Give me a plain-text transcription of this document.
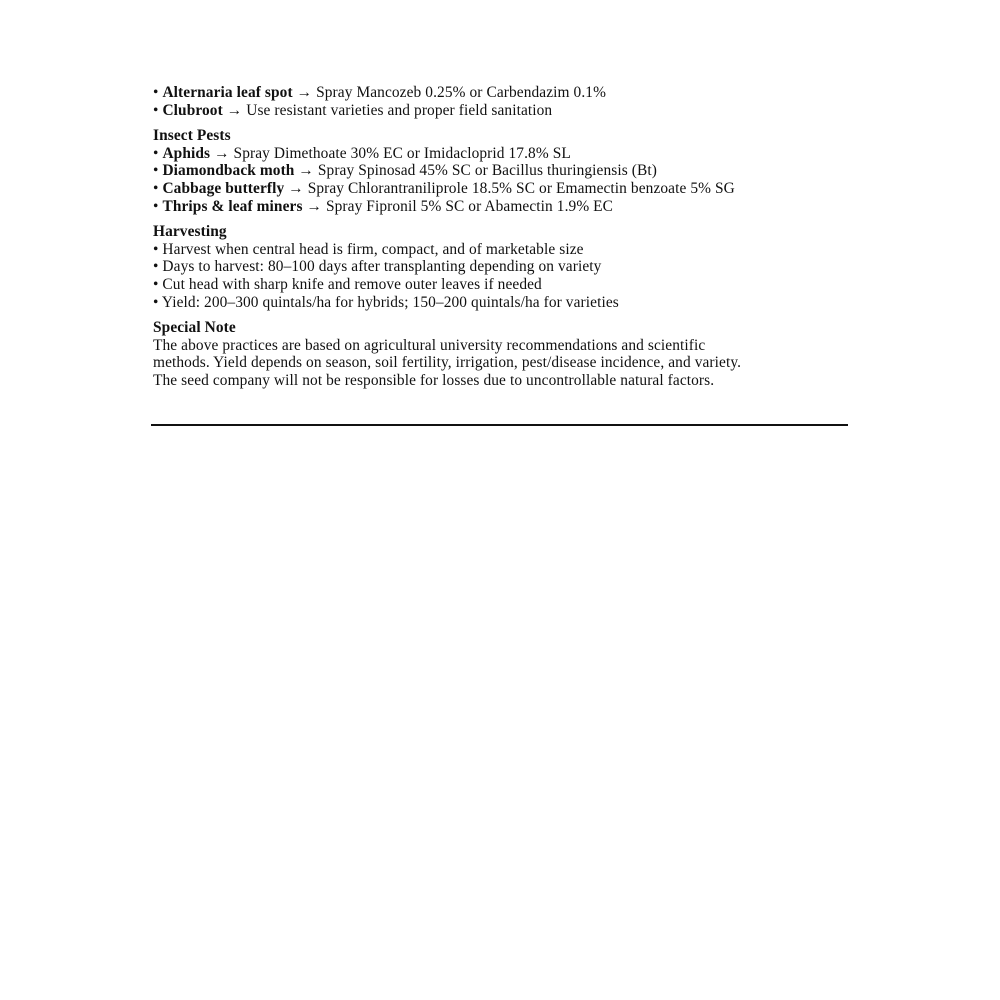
• Alternaria leaf spot → Spray Mancozeb 0.25% or Carbendazim 0.1%
• Clubroot → Use resistant varieties and proper field sanitation
Insect Pests
• Aphids → Spray Dimethoate 30% EC or Imidacloprid 17.8% SL
• Diamondback moth → Spray Spinosad 45% SC or Bacillus thuringiensis (Bt)
• Cabbage butterfly → Spray Chlorantraniliprole 18.5% SC or Emamectin benzoate 5% SG
• Thrips & leaf miners → Spray Fipronil 5% SC or Abamectin 1.9% EC
Harvesting
• Harvest when central head is firm, compact, and of marketable size
• Days to harvest: 80–100 days after transplanting depending on variety
• Cut head with sharp knife and remove outer leaves if needed
• Yield: 200–300 quintals/ha for hybrids; 150–200 quintals/ha for varieties
Special Note
The above practices are based on agricultural university recommendations and scientific
methods. Yield depends on season, soil fertility, irrigation, pest/disease incidence, and variety.
The seed company will not be responsible for losses due to uncontrollable natural factors.
